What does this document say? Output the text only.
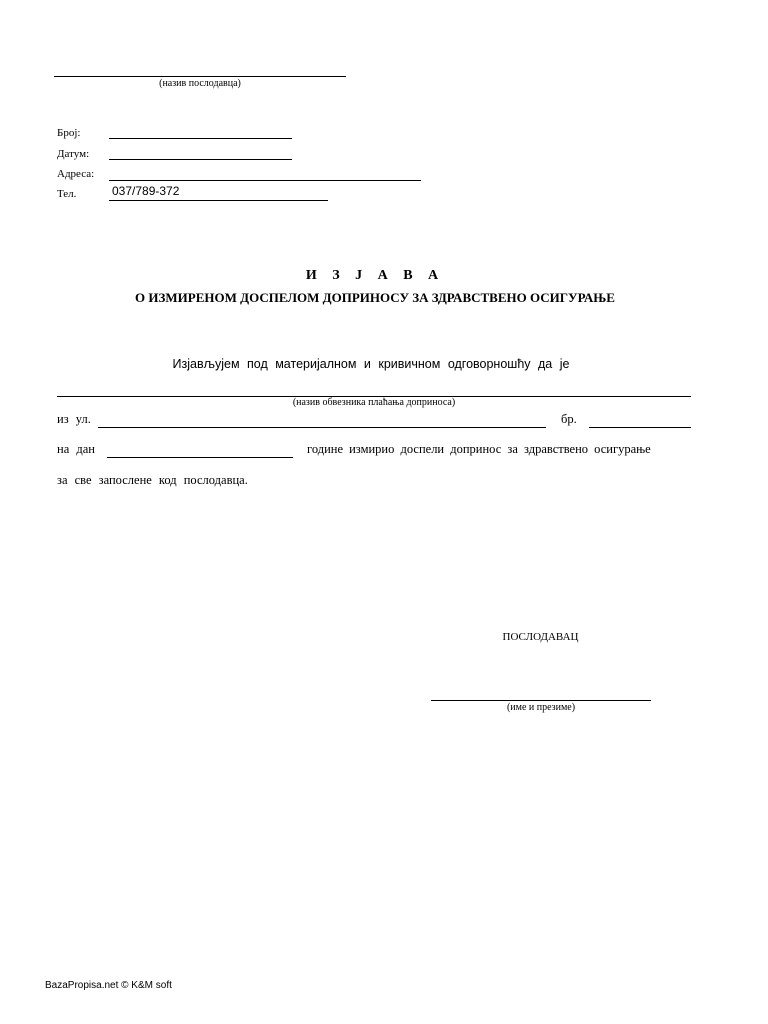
(назив послодавца)
Број:
Датум:
Адреса:
Тел.	037/789-372
И З Ј А В А
О ИЗМИРЕНОМ ДОСПЕЛОМ ДОПРИНОСУ ЗА ЗДРАВСТВЕНО ОСИГУРАЊЕ
Изјављујем под материјалном и кривичном одговорношћу да је
(назив обвезника плаћања доприноса)
из ул.	бр.
на дан	године измирио доспели допринос за здравствено осигурање
за све запослене код послодавца.
ПОСЛОДАВАЦ
(име и презиме)
BazaPropisa.net © K&M soft
